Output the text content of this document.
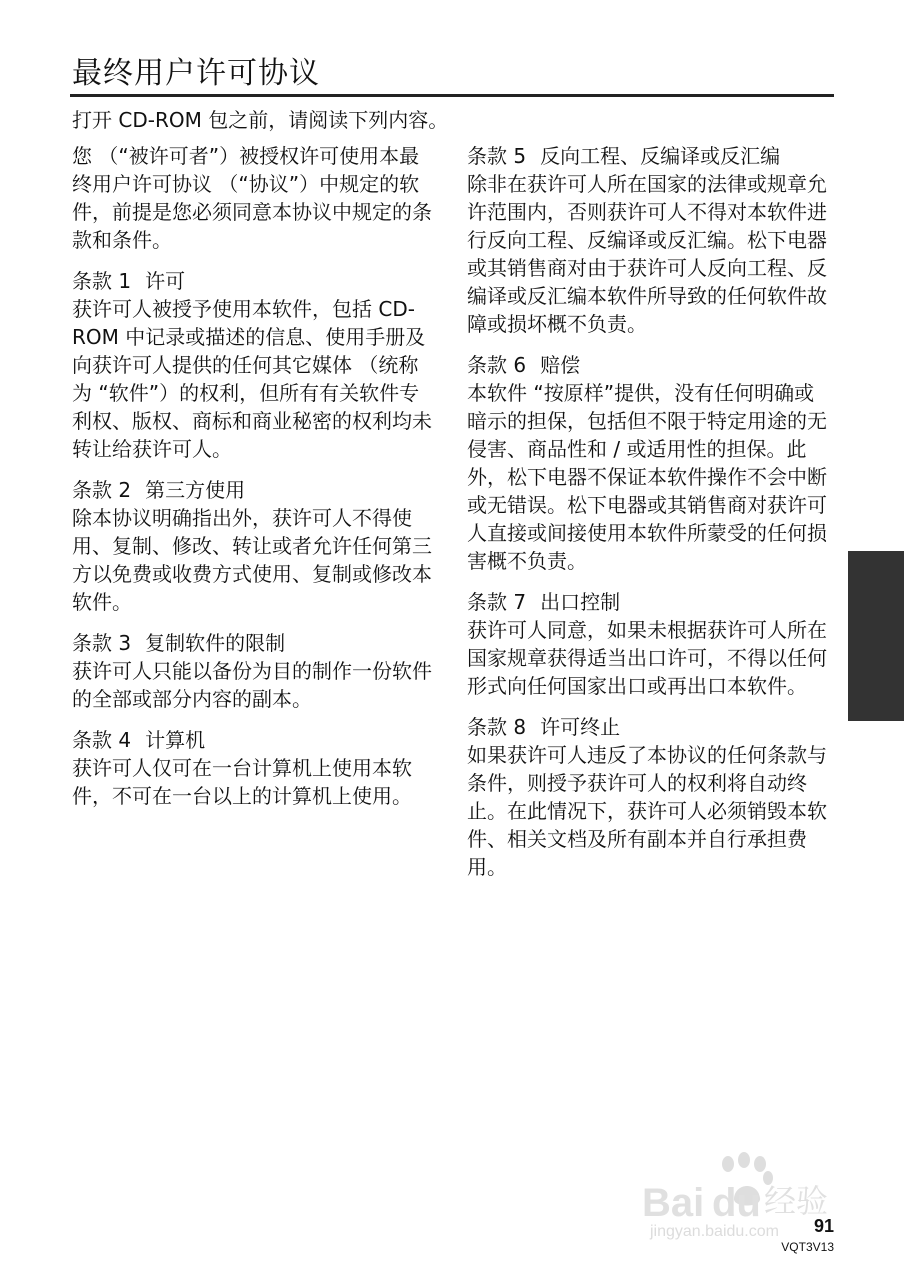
最终用户许可协议
打开 CD-ROM 包之前，请阅读下列内容。

您 （“被许可者”）被授权许可使用本最终用户许可协议 （“协议”）中规定的软件，前提是您必须同意本协议中规定的条款和条件。

条款 1 许可
获许可人被授予使用本软件，包括 CD-ROM 中记录或描述的信息、使用手册及向获许可人提供的任何其它媒体 （统称为 “软件”）的权利，但所有有关软件专利权、版权、商标和商业秘密的权利均未转让给获许可人。
条款 2 第三方使用
除本协议明确指出外，获许可人不得使用、复制、修改、转让或者允许任何第三方以免费或收费方式使用、复制或修改本软件。
条款 3 复制软件的限制
获许可人只能以备份为目的制作一份软件的全部或部分内容的副本。
条款 4 计算机
获许可人仅可在一台计算机上使用本软件，不可在一台以上的计算机上使用。
条款 5 反向工程、反编译或反汇编
除非在获许可人所在国家的法律或规章允许范围内，否则获许可人不得对本软件进行反向工程、反编译或反汇编。松下电器或其销售商对由于获许可人反向工程、反编译或反汇编本软件所导致的任何软件故障或损坏概不负责。
条款 6 赔偿
本软件 “按原样”提供，没有任何明确或暗示的担保，包括但不限于特定用途的无侵害、商品性和 / 或适用性的担保。此外，松下电器不保证本软件操作不会中断或无错误。松下电器或其销售商对获许可人直接或间接使用本软件所蒙受的任何损害概不负责。
条款 7 出口控制
获许可人同意，如果未根据获许可人所在国家规章获得适当出口许可，不得以任何形式向任何国家出口或再出口本软件。
条款 8 许可终止
如果获许可人违反了本协议的任何条款与条件，则授予获许可人的权利将自动终止。在此情况下，获许可人必须销毁本软件、相关文档及所有副本并自行承担费用。
Bai du 经验
jingyan.baidu.com 91
VQT3V13
